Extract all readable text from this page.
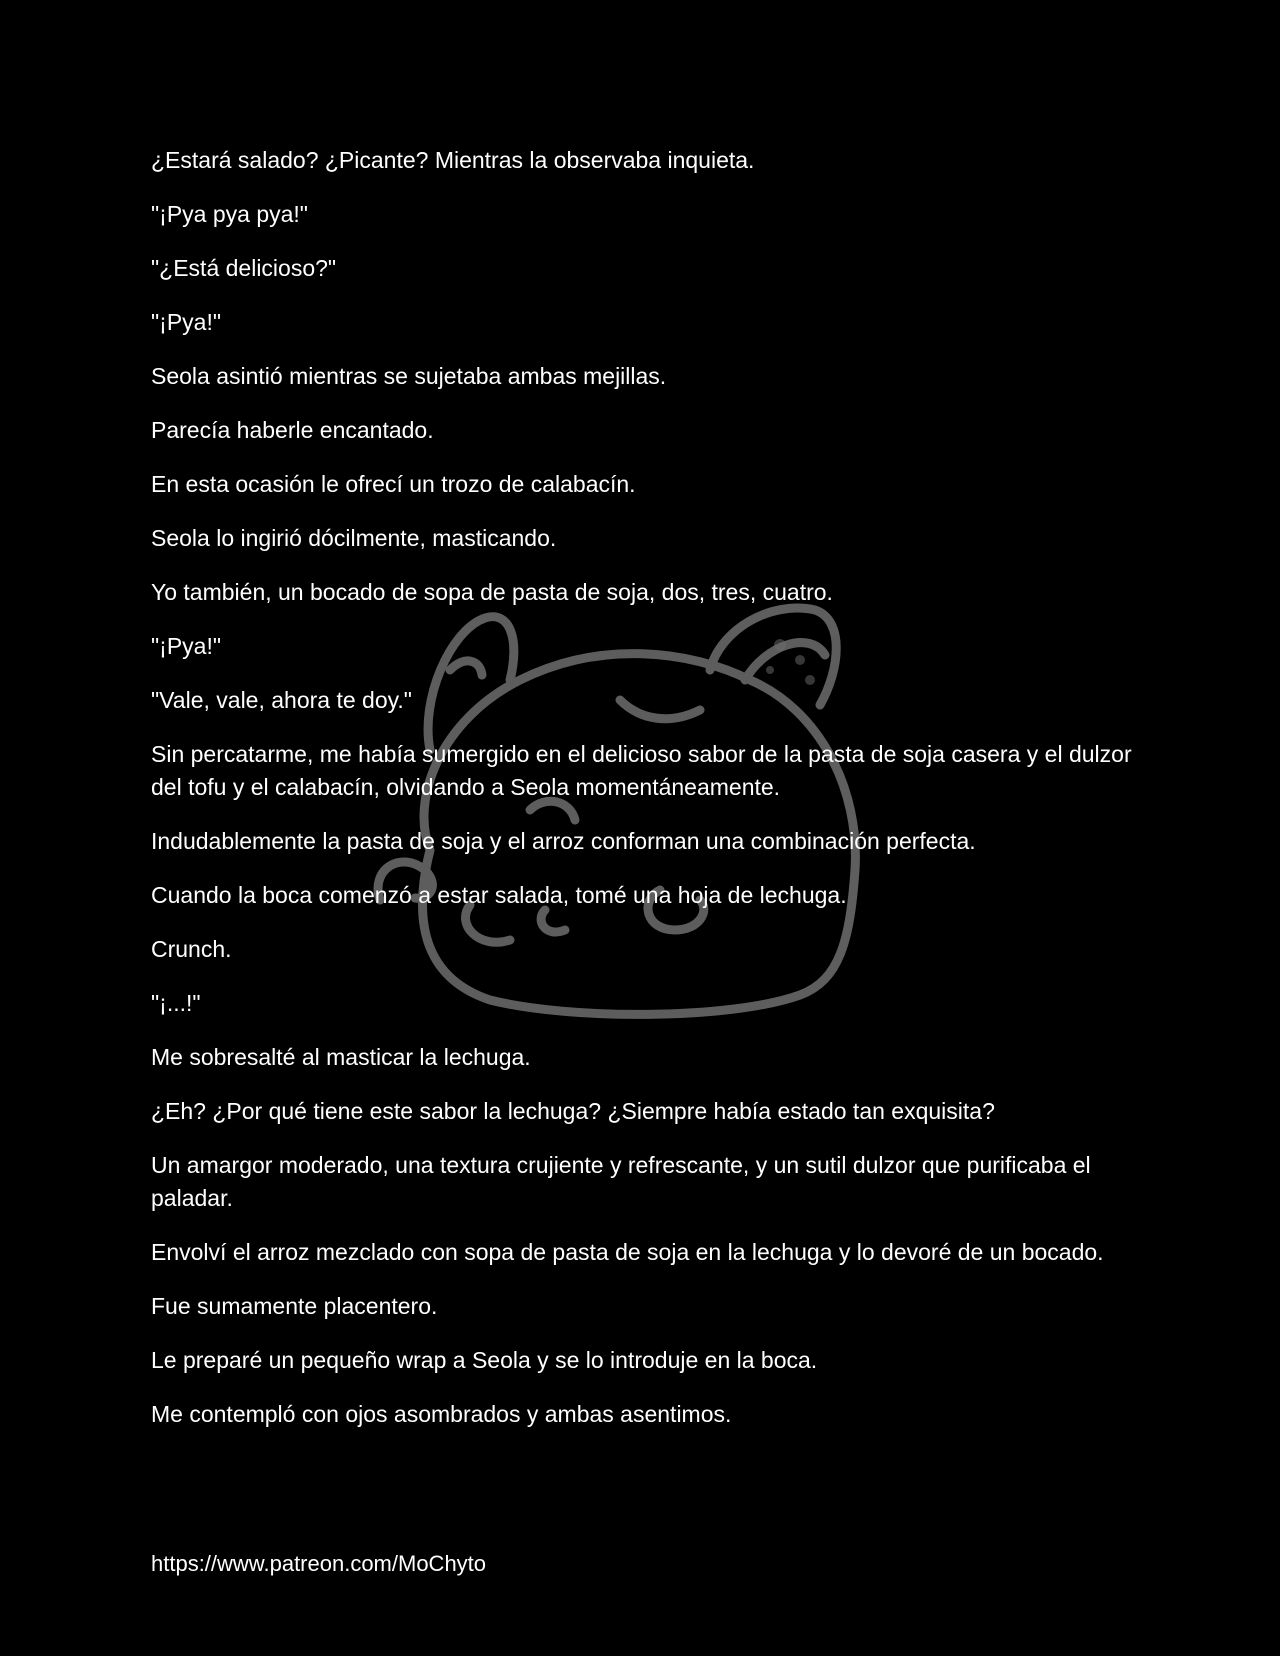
¿Estará salado? ¿Picante? Mientras la observaba inquieta.

"¡Pya pya pya!"

"¿Está delicioso?"

"¡Pya!"

Seola asintió mientras se sujetaba ambas mejillas.

Parecía haberle encantado.

En esta ocasión le ofrecí un trozo de calabacín.

Seola lo ingirió dócilmente, masticando.

Yo también, un bocado de sopa de pasta de soja, dos, tres, cuatro.

"¡Pya!"

"Vale, vale, ahora te doy."

Sin percatarme, me había sumergido en el delicioso sabor de la pasta de soja casera y el dulzor del tofu y el calabacín, olvidando a Seola momentáneamente.

Indudablemente la pasta de soja y el arroz conforman una combinación perfecta.

Cuando la boca comenzó a estar salada, tomé una hoja de lechuga.

Crunch.

"¡...!"

Me sobresalté al masticar la lechuga.

¿Eh? ¿Por qué tiene este sabor la lechuga? ¿Siempre había estado tan exquisita?

Un amargor moderado, una textura crujiente y refrescante, y un sutil dulzor que purificaba el paladar.

Envolví el arroz mezclado con sopa de pasta de soja en la lechuga y lo devoré de un bocado.

Fue sumamente placentero.

Le preparé un pequeño wrap a Seola y se lo introduje en la boca.

Me contempló con ojos asombrados y ambas asentimos.

https://www.patreon.com/MoChyto
